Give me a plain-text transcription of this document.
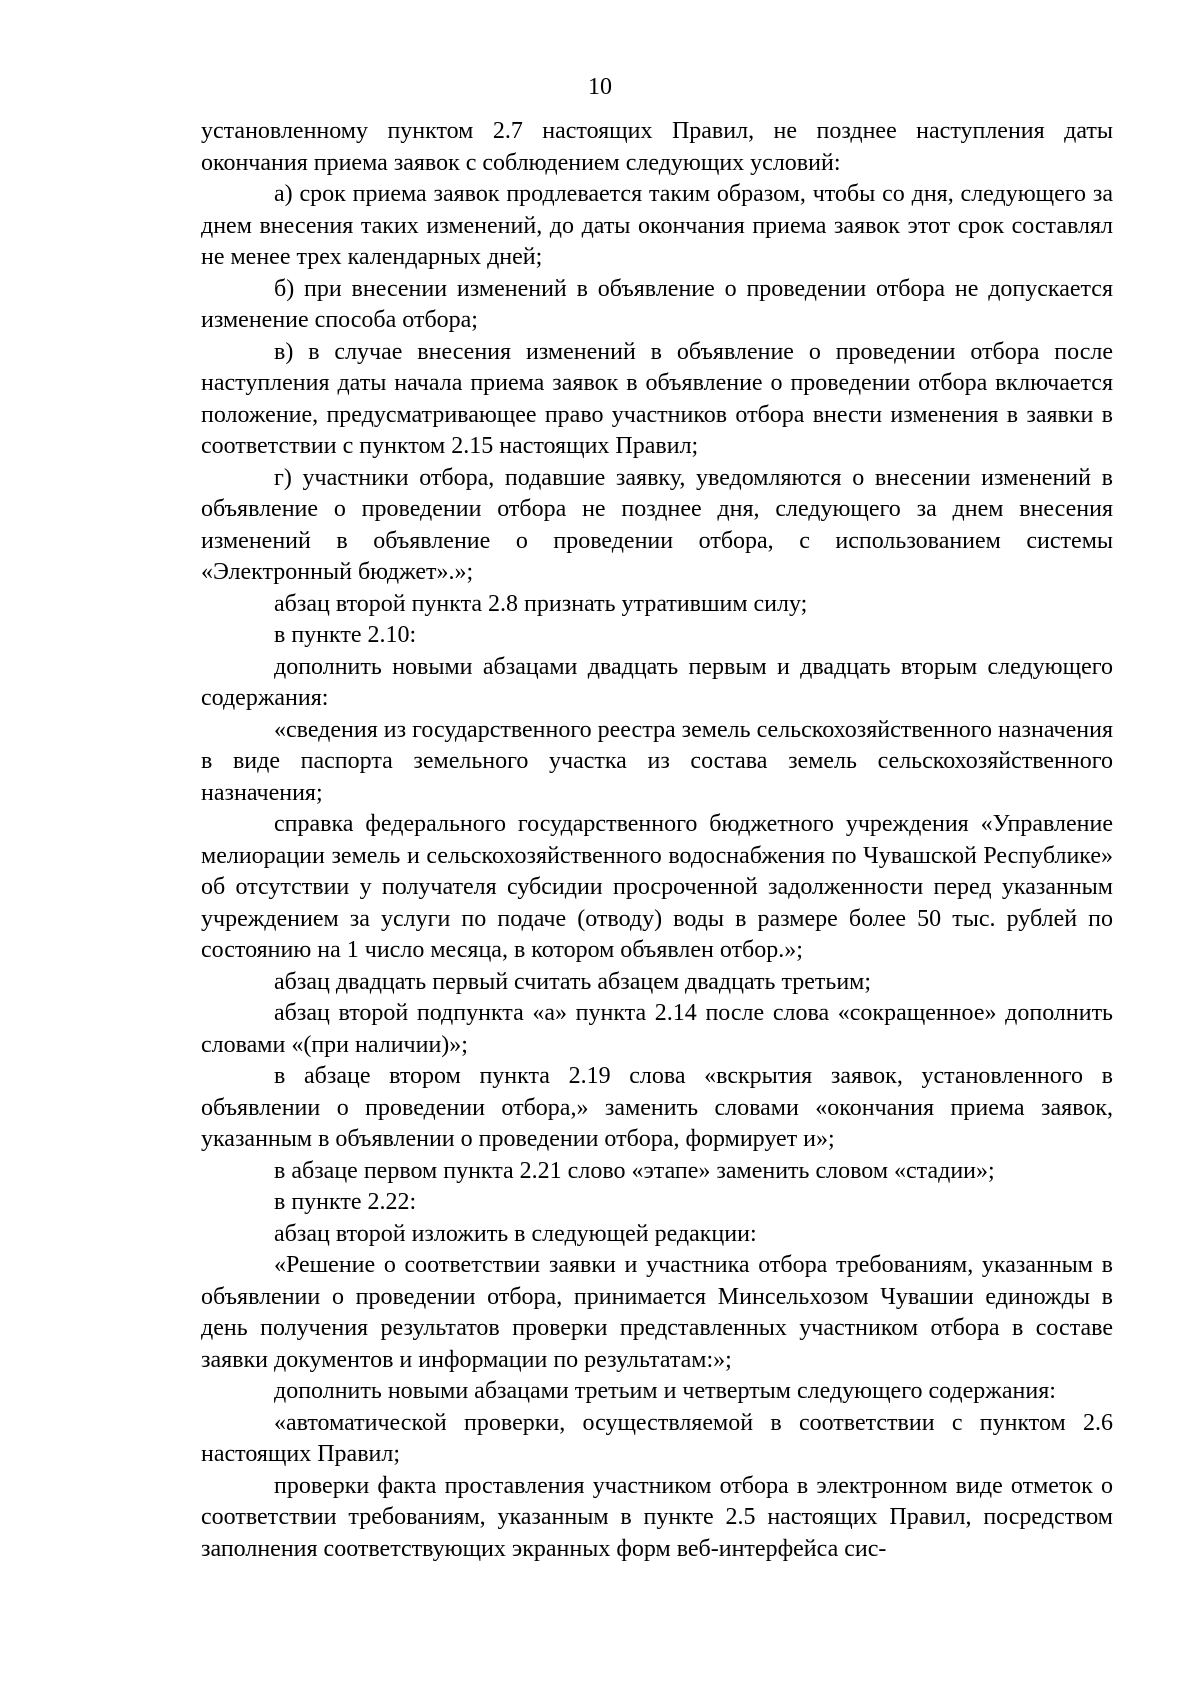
10

установленному пунктом 2.7 настоящих Правил, не позднее наступления даты окончания приема заявок с соблюдением следующих условий:

а) срок приема заявок продлевается таким образом, чтобы со дня, следующего за днем внесения таких изменений, до даты окончания приема заявок этот срок составлял не менее трех календарных дней;

б) при внесении изменений в объявление о проведении отбора не допускается изменение способа отбора;

в) в случае внесения изменений в объявление о проведении отбора после наступления даты начала приема заявок в объявление о проведении отбора включается положение, предусматривающее право участников отбора внести изменения в заявки в соответствии с пунктом 2.15 настоящих Правил;

г) участники отбора, подавшие заявку, уведомляются о внесении изменений в объявление о проведении отбора не позднее дня, следующего за днем внесения изменений в объявление о проведении отбора, с использованием системы «Электронный бюджет».»;

абзац второй пункта 2.8 признать утратившим силу;

в пункте 2.10:

дополнить новыми абзацами двадцать первым и двадцать вторым следующего содержания:

«сведения из государственного реестра земель сельскохозяйственного назначения в виде паспорта земельного участка из состава земель сельскохозяйственного назначения;

справка федерального государственного бюджетного учреждения «Управление мелиорации земель и сельскохозяйственного водоснабжения по Чувашской Республике» об отсутствии у получателя субсидии просроченной задолженности перед указанным учреждением за услуги по подаче (отводу) воды в размере более 50 тыс. рублей по состоянию на 1 число месяца, в котором объявлен отбор.»;

абзац двадцать первый считать абзацем двадцать третьим;

абзац второй подпункта «а» пункта 2.14 после слова «сокращенное» дополнить словами «(при наличии)»;

в абзаце втором пункта 2.19 слова «вскрытия заявок, установленного в объявлении о проведении отбора,» заменить словами «окончания приема заявок, указанным в объявлении о проведении отбора, формирует и»;

в абзаце первом пункта 2.21 слово «этапе» заменить словом «стадии»;

в пункте 2.22:

абзац второй изложить в следующей редакции:

«Решение о соответствии заявки и участника отбора требованиям, указанным в объявлении о проведении отбора, принимается Минсельхозом Чувашии единожды в день получения результатов проверки представленных участником отбора в составе заявки документов и информации по результатам:»;

дополнить новыми абзацами третьим и четвертым следующего содержания:

«автоматической проверки, осуществляемой в соответствии с пунктом 2.6 настоящих Правил;

проверки факта проставления участником отбора в электронном виде отметок о соответствии требованиям, указанным в пункте 2.5 настоящих Правил, посредством заполнения соответствующих экранных форм веб-интерфейса сис-
